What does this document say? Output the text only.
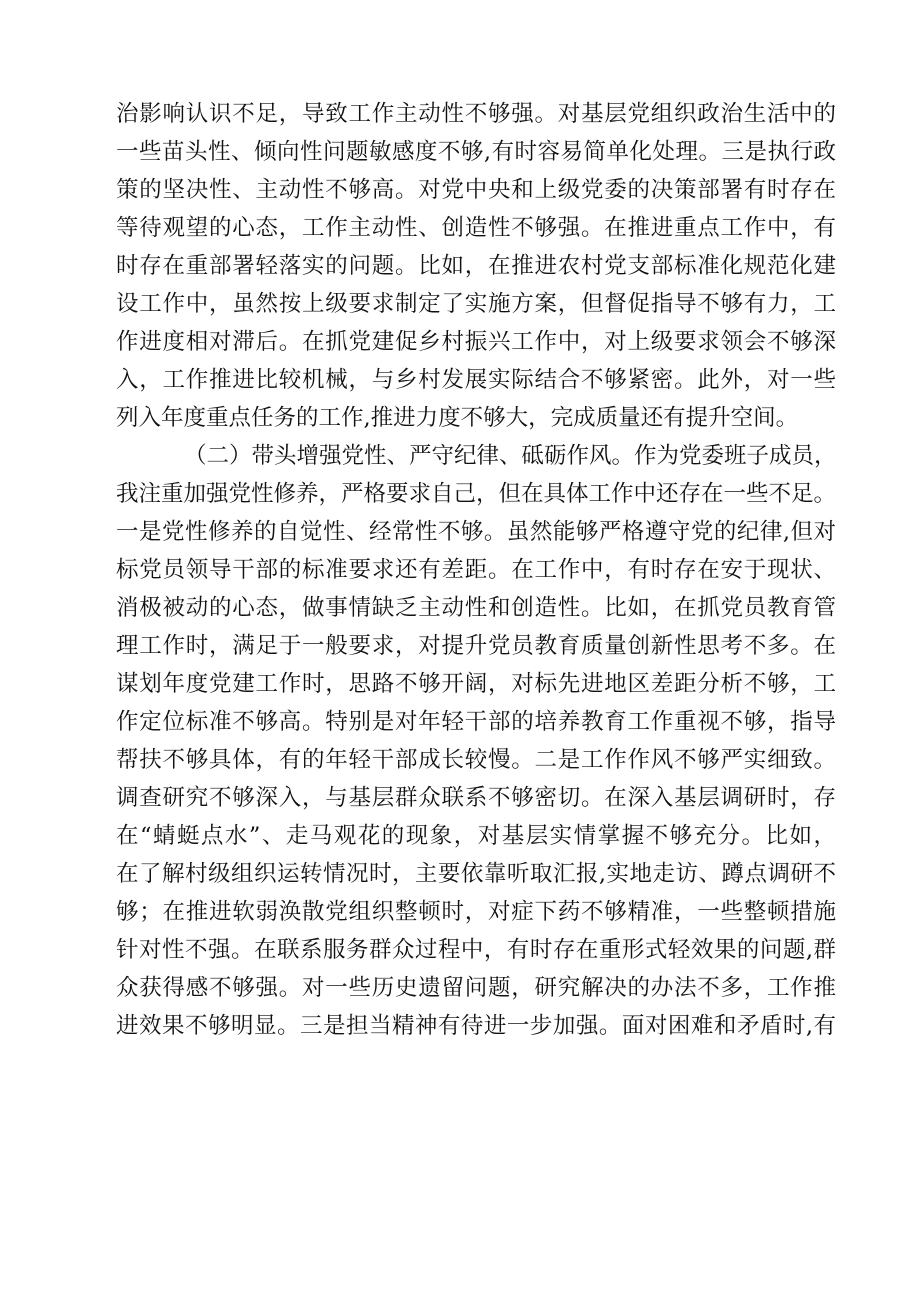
治影响认识不足，导致工作主动性不够强。对基层党组织政治生活中的
一些苗头性、倾向性问题敏感度不够,有时容易简单化处理。三是执行政
策的坚决性、主动性不够高。对党中央和上级党委的决策部署有时存在
等待观望的心态，工作主动性、创造性不够强。在推进重点工作中，有
时存在重部署轻落实的问题。比如，在推进农村党支部标准化规范化建
设工作中，虽然按上级要求制定了实施方案，但督促指导不够有力，工
作进度相对滞后。在抓党建促乡村振兴工作中，对上级要求领会不够深
入，工作推进比较机械，与乡村发展实际结合不够紧密。此外，对一些
列入年度重点任务的工作,推进力度不够大，完成质量还有提升空间。
（二）带头增强党性、严守纪律、砥砺作风。作为党委班子成员，
我注重加强党性修养，严格要求自己，但在具体工作中还存在一些不足。
一是党性修养的自觉性、经常性不够。虽然能够严格遵守党的纪律,但对
标党员领导干部的标准要求还有差距。在工作中，有时存在安于现状、
消极被动的心态，做事情缺乏主动性和创造性。比如，在抓党员教育管
理工作时，满足于一般要求，对提升党员教育质量创新性思考不多。在
谋划年度党建工作时，思路不够开阔，对标先进地区差距分析不够，工
作定位标准不够高。特别是对年轻干部的培养教育工作重视不够，指导
帮扶不够具体，有的年轻干部成长较慢。二是工作作风不够严实细致。
调查研究不够深入，与基层群众联系不够密切。在深入基层调研时，存
在“蜻蜓点水”、走马观花的现象，对基层实情掌握不够充分。比如，
在了解村级组织运转情况时，主要依靠听取汇报,实地走访、蹲点调研不
够；在推进软弱涣散党组织整顿时，对症下药不够精准，一些整顿措施
针对性不强。在联系服务群众过程中，有时存在重形式轻效果的问题,群
众获得感不够强。对一些历史遗留问题，研究解决的办法不多，工作推
进效果不够明显。三是担当精神有待进一步加强。面对困难和矛盾时,有
